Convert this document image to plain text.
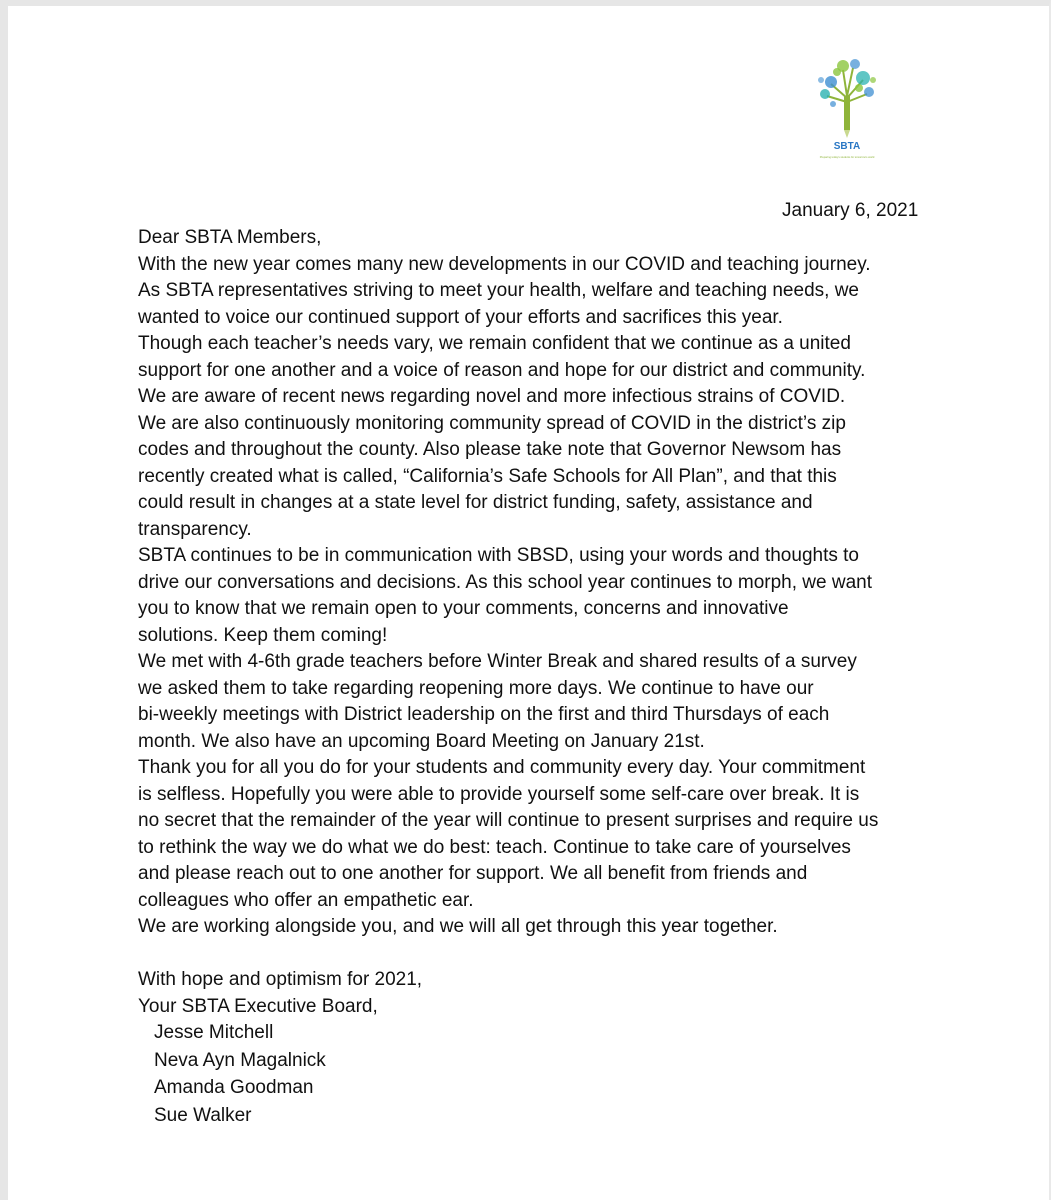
SBTA
Preparing today's students for tomorrow's world
January 6, 2021
Dear SBTA Members,
With the new year comes many new developments in our COVID and teaching journey.
As SBTA representatives striving to meet your health, welfare and teaching needs, we
wanted to voice our continued support of your efforts and sacrifices this year.
Though each teacher’s needs vary, we remain confident that we continue as a united
support for one another and a voice of reason and hope for our district and community.
We are aware of recent news regarding novel and more infectious strains of COVID.
We are also continuously monitoring community spread of COVID in the district’s zip
codes and throughout the county. Also please take note that Governor Newsom has
recently created what is called, “California’s Safe Schools for All Plan”, and that this
could result in changes at a state level for district funding, safety, assistance and
transparency.
SBTA continues to be in communication with SBSD, using your words and thoughts to
drive our conversations and decisions. As this school year continues to morph, we want
you to know that we remain open to your comments, concerns and innovative
solutions. Keep them coming!
We met with 4-6th grade teachers before Winter Break and shared results of a survey
we asked them to take regarding reopening more days. We continue to have our
bi-weekly meetings with District leadership on the first and third Thursdays of each
month. We also have an upcoming Board Meeting on January 21st.
Thank you for all you do for your students and community every day. Your commitment
is selfless. Hopefully you were able to provide yourself some self-care over break. It is
no secret that the remainder of the year will continue to present surprises and require us
to rethink the way we do what we do best: teach. Continue to take care of yourselves
and please reach out to one another for support. We all benefit from friends and
colleagues who offer an empathetic ear.
We are working alongside you, and we will all get through this year together.
With hope and optimism for 2021,
Your SBTA Executive Board,
Jesse Mitchell
Neva Ayn Magalnick
Amanda Goodman
Sue Walker
